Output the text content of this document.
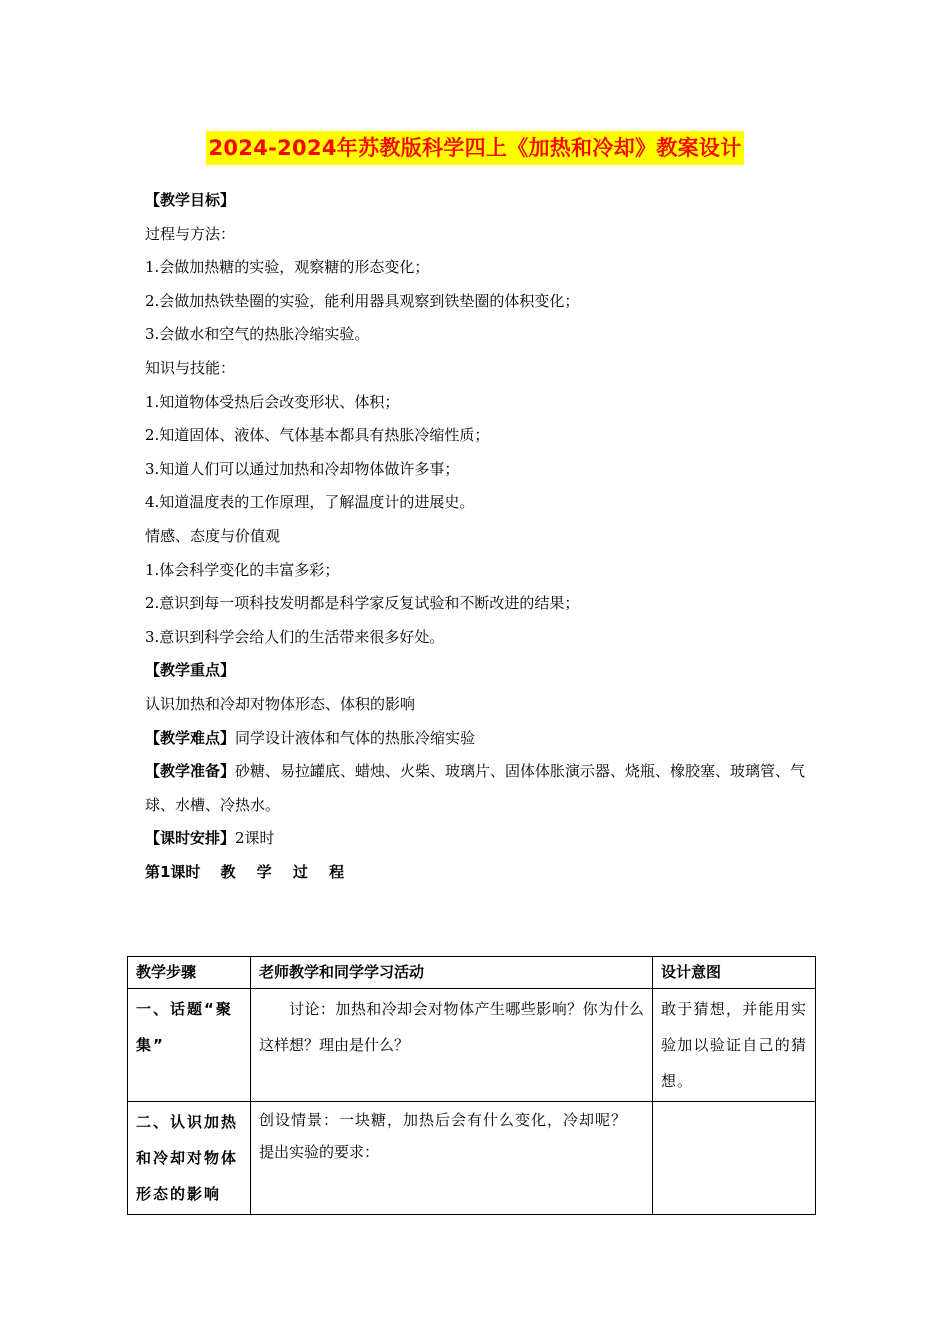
2024-2024年苏教版科学四上《加热和冷却》教案设计
【教学目标】
过程与方法：
1.会做加热糖的实验，观察糖的形态变化；
2.会做加热铁垫圈的实验，能利用器具观察到铁垫圈的体积变化；
3.会做水和空气的热胀冷缩实验。
知识与技能：
1.知道物体受热后会改变形状、体积；
2.知道固体、液体、气体基本都具有热胀冷缩性质；
3.知道人们可以通过加热和冷却物体做许多事；
4.知道温度表的工作原理，了解温度计的进展史。
情感、态度与价值观
1.体会科学变化的丰富多彩；
2.意识到每一项科技发明都是科学家反复试验和不断改进的结果；
3.意识到科学会给人们的生活带来很多好处。
【教学重点】
认识加热和冷却对物体形态、体积的影响
【教学难点】同学设计液体和气体的热胀冷缩实验
【教学准备】砂糖、易拉罐底、蜡烛、火柴、玻璃片、固体体胀演示器、烧瓶、橡胶塞、玻璃管、气球、水槽、冷热水。
【课时安排】2课时
第1课时 教 学 过 程
教学步骤	老师教学和同学学习活动	设计意图
一、话题“聚集”	讨论：加热和冷却会对物体产生哪些影响？你为什么这样想？理由是什么？	敢于猜想，并能用实验加以验证自己的猜想。
二、认识加热和冷却对物体形态的影响	创设情景：一块糖，加热后会有什么变化，冷却呢？
提出实验的要求：	
